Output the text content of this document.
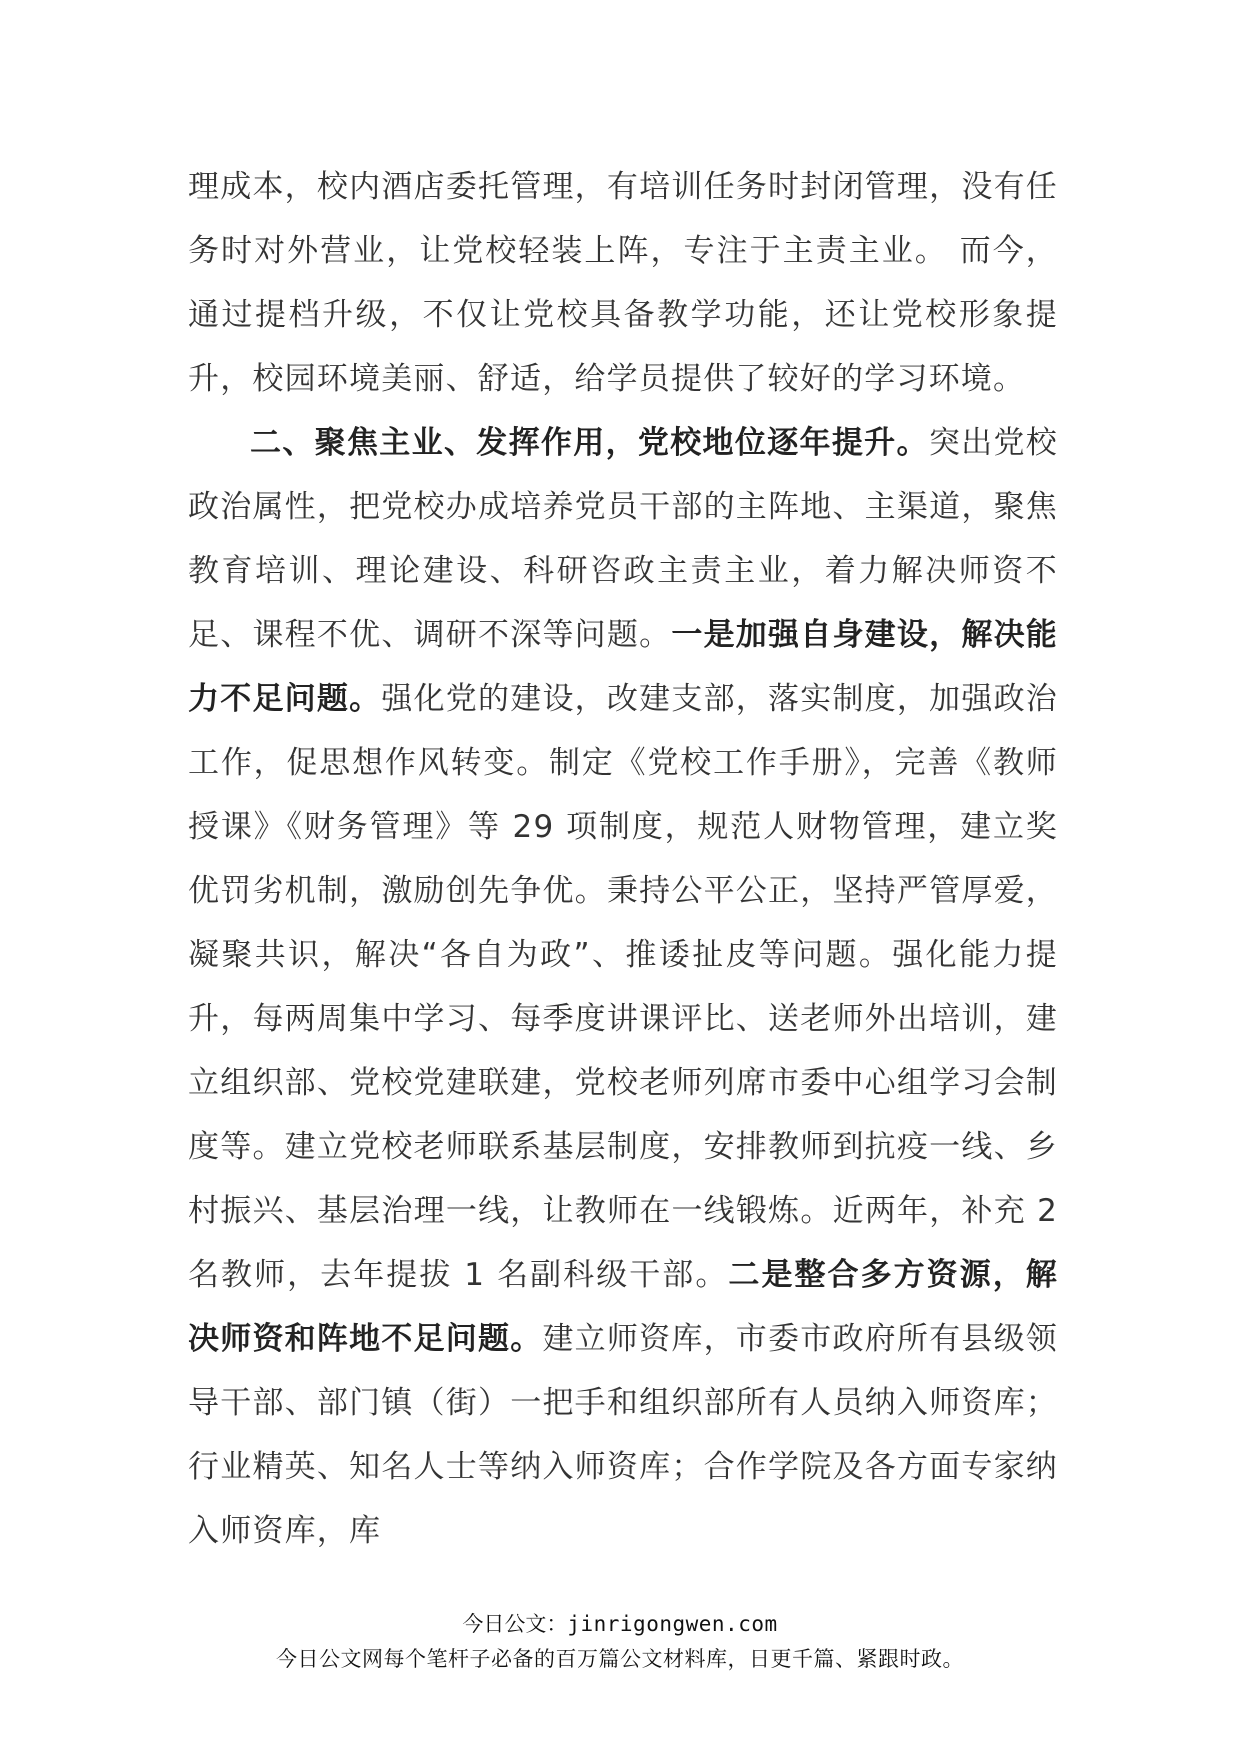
理成本，校内酒店委托管理，有培训任务时封闭管理，没有任务时对外营业，让党校轻装上阵，专注于主责主业。 而今，通过提档升级，不仅让党校具备教学功能，还让党校形象提升，校园环境美丽、舒适，给学员提供了较好的学习环境。

二、聚焦主业、发挥作用，党校地位逐年提升。突出党校政治属性，把党校办成培养党员干部的主阵地、主渠道，聚焦教育培训、理论建设、科研咨政主责主业，着力解决师资不足、课程不优、调研不深等问题。一是加强自身建设，解决能力不足问题。强化党的建设，改建支部，落实制度，加强政治工作，促思想作风转变。制定《党校工作手册》，完善《教师授课》《财务管理》等 29 项制度，规范人财物管理，建立奖优罚劣机制，激励创先争优。秉持公平公正，坚持严管厚爱，凝聚共识，解决“各自为政”、推诿扯皮等问题。强化能力提升，每两周集中学习、每季度讲课评比、送老师外出培训，建立组织部、党校党建联建，党校老师列席市委中心组学习会制度等。建立党校老师联系基层制度，安排教师到抗疫一线、乡村振兴、基层治理一线，让教师在一线锻炼。近两年，补充 2 名教师，去年提拔 1 名副科级干部。二是整合多方资源，解决师资和阵地不足问题。建立师资库，市委市政府所有县级领导干部、部门镇（街）一把手和组织部所有人员纳入师资库；行业精英、知名人士等纳入师资库；合作学院及各方面专家纳入师资库，库

今日公文：jinrigongwen.com
今日公文网每个笔杆子必备的百万篇公文材料库，日更千篇、紧跟时政。
